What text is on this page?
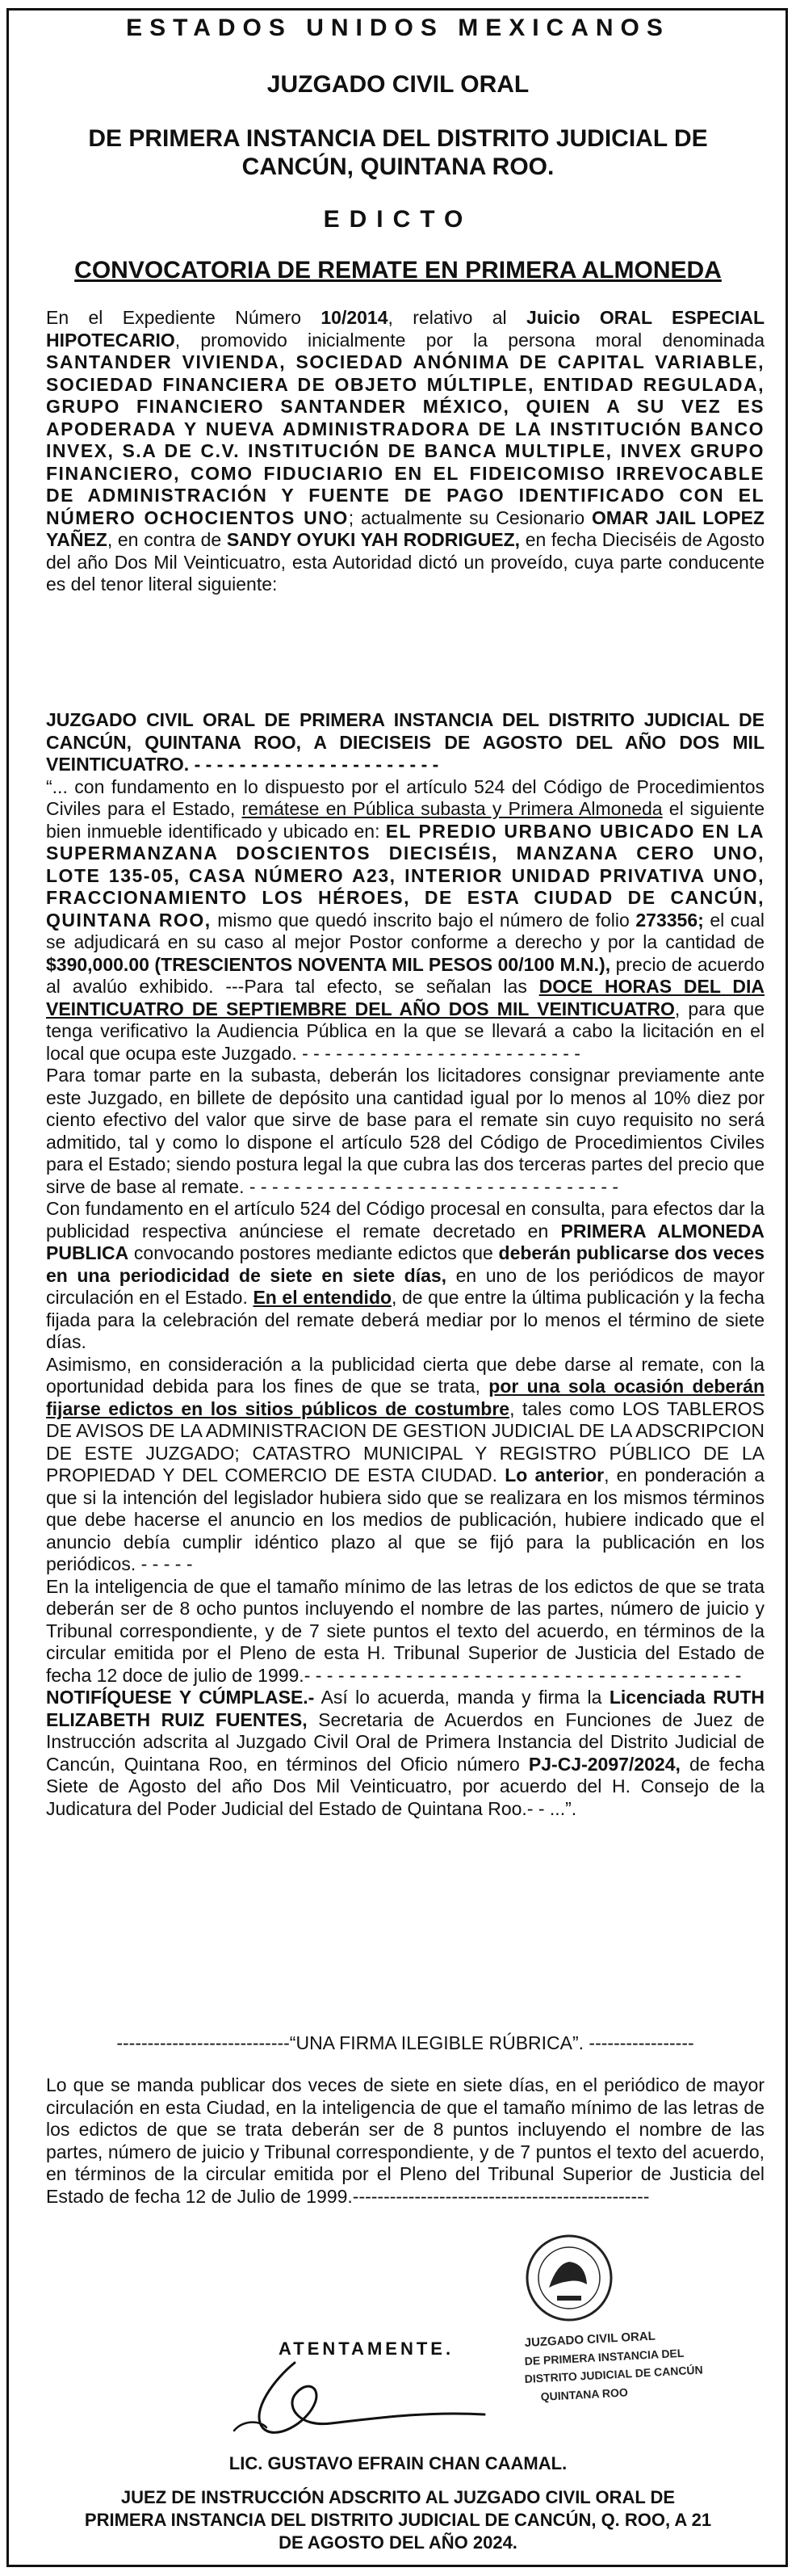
ESTADOS UNIDOS MEXICANOS
JUZGADO CIVIL ORAL
DE PRIMERA INSTANCIA DEL DISTRITO JUDICIAL DE CANCÚN, QUINTANA ROO.
EDICTO
CONVOCATORIA DE REMATE EN PRIMERA ALMONEDA
En el Expediente Número 10/2014, relativo al Juicio ORAL ESPECIAL HIPOTECARIO, promovido inicialmente por la persona moral denominada SANTANDER VIVIENDA, SOCIEDAD ANÓNIMA DE CAPITAL VARIABLE, SOCIEDAD FINANCIERA DE OBJETO MÚLTIPLE, ENTIDAD REGULADA, GRUPO FINANCIERO SANTANDER MÉXICO, QUIEN A SU VEZ ES APODERADA Y NUEVA ADMINISTRADORA DE LA INSTITUCIÓN BANCO INVEX, S.A DE C.V. INSTITUCIÓN DE BANCA MULTIPLE, INVEX GRUPO FINANCIERO, COMO FIDUCIARIO EN EL FIDEICOMISO IRREVOCABLE DE ADMINISTRACIÓN Y FUENTE DE PAGO IDENTIFICADO CON EL NÚMERO OCHOCIENTOS UNO; actualmente su Cesionario OMAR JAIL LOPEZ YAÑEZ, en contra de SANDY OYUKI YAH RODRIGUEZ, en fecha Dieciséis de Agosto del año Dos Mil Veinticuatro, esta Autoridad dictó un proveído, cuya parte conducente es del tenor literal siguiente:
JUZGADO CIVIL ORAL DE PRIMERA INSTANCIA DEL DISTRITO JUDICIAL DE CANCÚN, QUINTANA ROO, A DIECISEIS DE AGOSTO DEL AÑO DOS MIL VEINTICUATRO. - - - - - - - - - - - - - - - - - - - - - -
“... con fundamento en lo dispuesto por el artículo 524 del Código de Procedimientos Civiles para el Estado, remátese en Pública subasta y Primera Almoneda el siguiente bien inmueble identificado y ubicado en: EL PREDIO URBANO UBICADO EN LA SUPERMANZANA DOSCIENTOS DIECISÉIS, MANZANA CERO UNO, LOTE 135-05, CASA NÚMERO A23, INTERIOR UNIDAD PRIVATIVA UNO, FRACCIONAMIENTO LOS HÉROES, DE ESTA CIUDAD DE CANCÚN, QUINTANA ROO, mismo que quedó inscrito bajo el número de folio 273356; el cual se adjudicará en su caso al mejor Postor conforme a derecho y por la cantidad de $390,000.00 (TRESCIENTOS NOVENTA MIL PESOS 00/100 M.N.), precio de acuerdo al avalúo exhibido. ---Para tal efecto, se señalan las DOCE HORAS DEL DIA VEINTICUATRO DE SEPTIEMBRE DEL AÑO DOS MIL VEINTICUATRO, para que tenga verificativo la Audiencia Pública en la que se llevará a cabo la licitación en el local que ocupa este Juzgado. - - - - - - - - - - - - - - - - - - - - - - - - -
Para tomar parte en la subasta, deberán los licitadores consignar previamente ante este Juzgado, en billete de depósito una cantidad igual por lo menos al 10% diez por ciento efectivo del valor que sirve de base para el remate sin cuyo requisito no será admitido, tal y como lo dispone el artículo 528 del Código de Procedimientos Civiles para el Estado; siendo postura legal la que cubra las dos terceras partes del precio que sirve de base al remate. - - - - - - - - - - - - - - - - - - - - - - - - - - - - - - - - -
Con fundamento en el artículo 524 del Código procesal en consulta, para efectos dar la publicidad respectiva anúnciese el remate decretado en PRIMERA ALMONEDA PUBLICA convocando postores mediante edictos que deberán publicarse dos veces en una periodicidad de siete en siete días, en uno de los periódicos de mayor circulación en el Estado. En el entendido, de que entre la última publicación y la fecha fijada para la celebración del remate deberá mediar por lo menos el término de siete días.
Asimismo, en consideración a la publicidad cierta que debe darse al remate, con la oportunidad debida para los fines de que se trata, por una sola ocasión deberán fijarse edictos en los sitios públicos de costumbre, tales como LOS TABLEROS DE AVISOS DE LA ADMINISTRACION DE GESTION JUDICIAL DE LA ADSCRIPCION DE ESTE JUZGADO; CATASTRO MUNICIPAL Y REGISTRO PÚBLICO DE LA PROPIEDAD Y DEL COMERCIO DE ESTA CIUDAD. Lo anterior, en ponderación a que si la intención del legislador hubiera sido que se realizara en los mismos términos que debe hacerse el anuncio en los medios de publicación, hubiere indicado que el anuncio debía cumplir idéntico plazo al que se fijó para la publicación en los periódicos. - - - - -
En la inteligencia de que el tamaño mínimo de las letras de los edictos de que se trata deberán ser de 8 ocho puntos incluyendo el nombre de las partes, número de juicio y Tribunal correspondiente, y de 7 siete puntos el texto del acuerdo, en términos de la circular emitida por el Pleno de esta H. Tribunal Superior de Justicia del Estado de fecha 12 doce de julio de 1999.- - - - - - - - - - - - - - - - - - - - - - - - - - - - - - - - - - - - - - -
NOTIFÍQUESE Y CÚMPLASE.- Así lo acuerda, manda y firma la Licenciada RUTH ELIZABETH RUIZ FUENTES, Secretaria de Acuerdos en Funciones de Juez de Instrucción adscrita al Juzgado Civil Oral de Primera Instancia del Distrito Judicial de Cancún, Quintana Roo, en términos del Oficio número PJ-CJ-2097/2024, de fecha Siete de Agosto del año Dos Mil Veinticuatro, por acuerdo del H. Consejo de la Judicatura del Poder Judicial del Estado de Quintana Roo.- - ...”.
----------------------------“UNA FIRMA ILEGIBLE RÚBRICA”. -----------------
Lo que se manda publicar dos veces de siete en siete días, en el periódico de mayor circulación en esta Ciudad, en la inteligencia de que el tamaño mínimo de las letras de los edictos de que se trata deberán ser de 8 puntos incluyendo el nombre de las partes, número de juicio y Tribunal correspondiente, y de 7 puntos el texto del acuerdo, en términos de la circular emitida por el Pleno del Tribunal Superior de Justicia del Estado de fecha 12 de Julio de 1999.------------------------------------------------
JUZGADO CIVIL ORAL
DE PRIMERA INSTANCIA DEL
DISTRITO JUDICIAL DE CANCÚN
QUINTANA ROO
ATENTAMENTE.
LIC. GUSTAVO EFRAIN CHAN CAAMAL.
JUEZ DE INSTRUCCIÓN ADSCRITO AL JUZGADO CIVIL ORAL DE PRIMERA INSTANCIA DEL DISTRITO JUDICIAL DE CANCÚN, Q. ROO, A 21 DE AGOSTO DEL AÑO 2024.
